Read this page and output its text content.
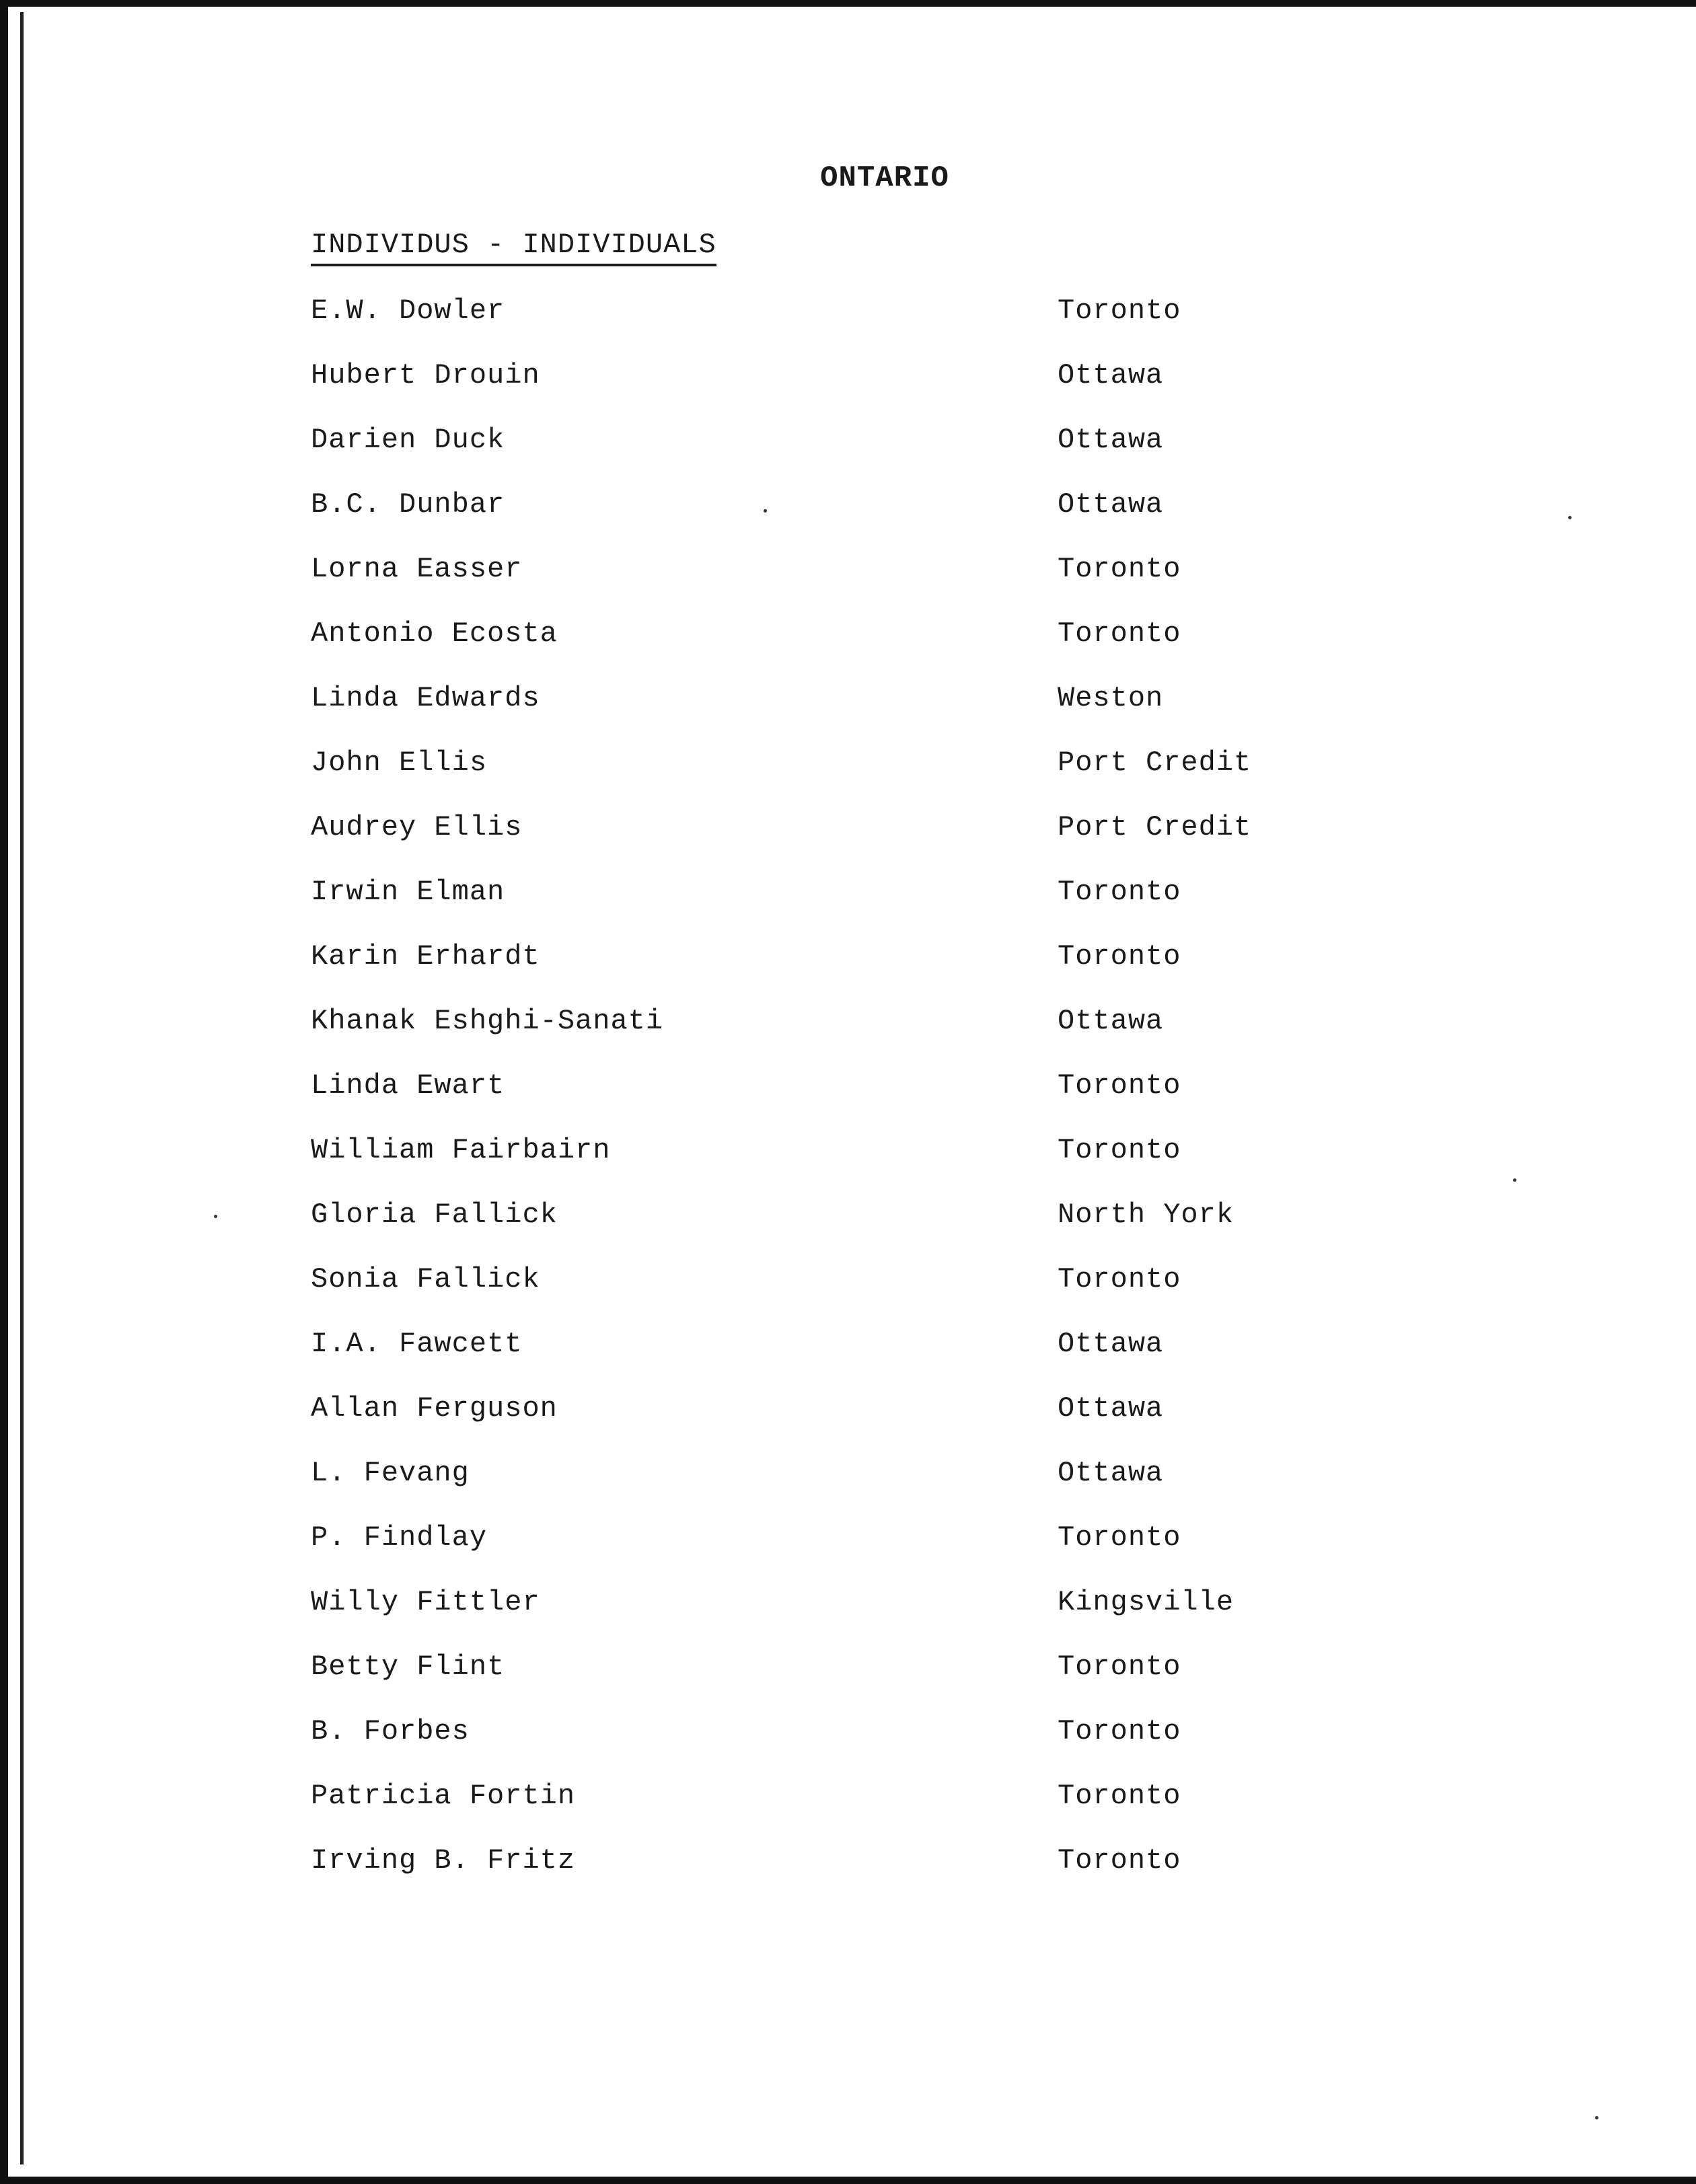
ONTARIO
INDIVIDUS - INDIVIDUALS
E.W. Dowler	Toronto
Hubert Drouin	Ottawa
Darien Duck	Ottawa
B.C. Dunbar	Ottawa
Lorna Easser	Toronto
Antonio Ecosta	Toronto
Linda Edwards	Weston
John Ellis	Port Credit
Audrey Ellis	Port Credit
Irwin Elman	Toronto
Karin Erhardt	Toronto
Khanak Eshghi-Sanati	Ottawa
Linda Ewart	Toronto
William Fairbairn	Toronto
Gloria Fallick	North York
Sonia Fallick	Toronto
I.A. Fawcett	Ottawa
Allan Ferguson	Ottawa
L. Fevang	Ottawa
P. Findlay	Toronto
Willy Fittler	Kingsville
Betty Flint	Toronto
B. Forbes	Toronto
Patricia Fortin	Toronto
Irving B. Fritz	Toronto
